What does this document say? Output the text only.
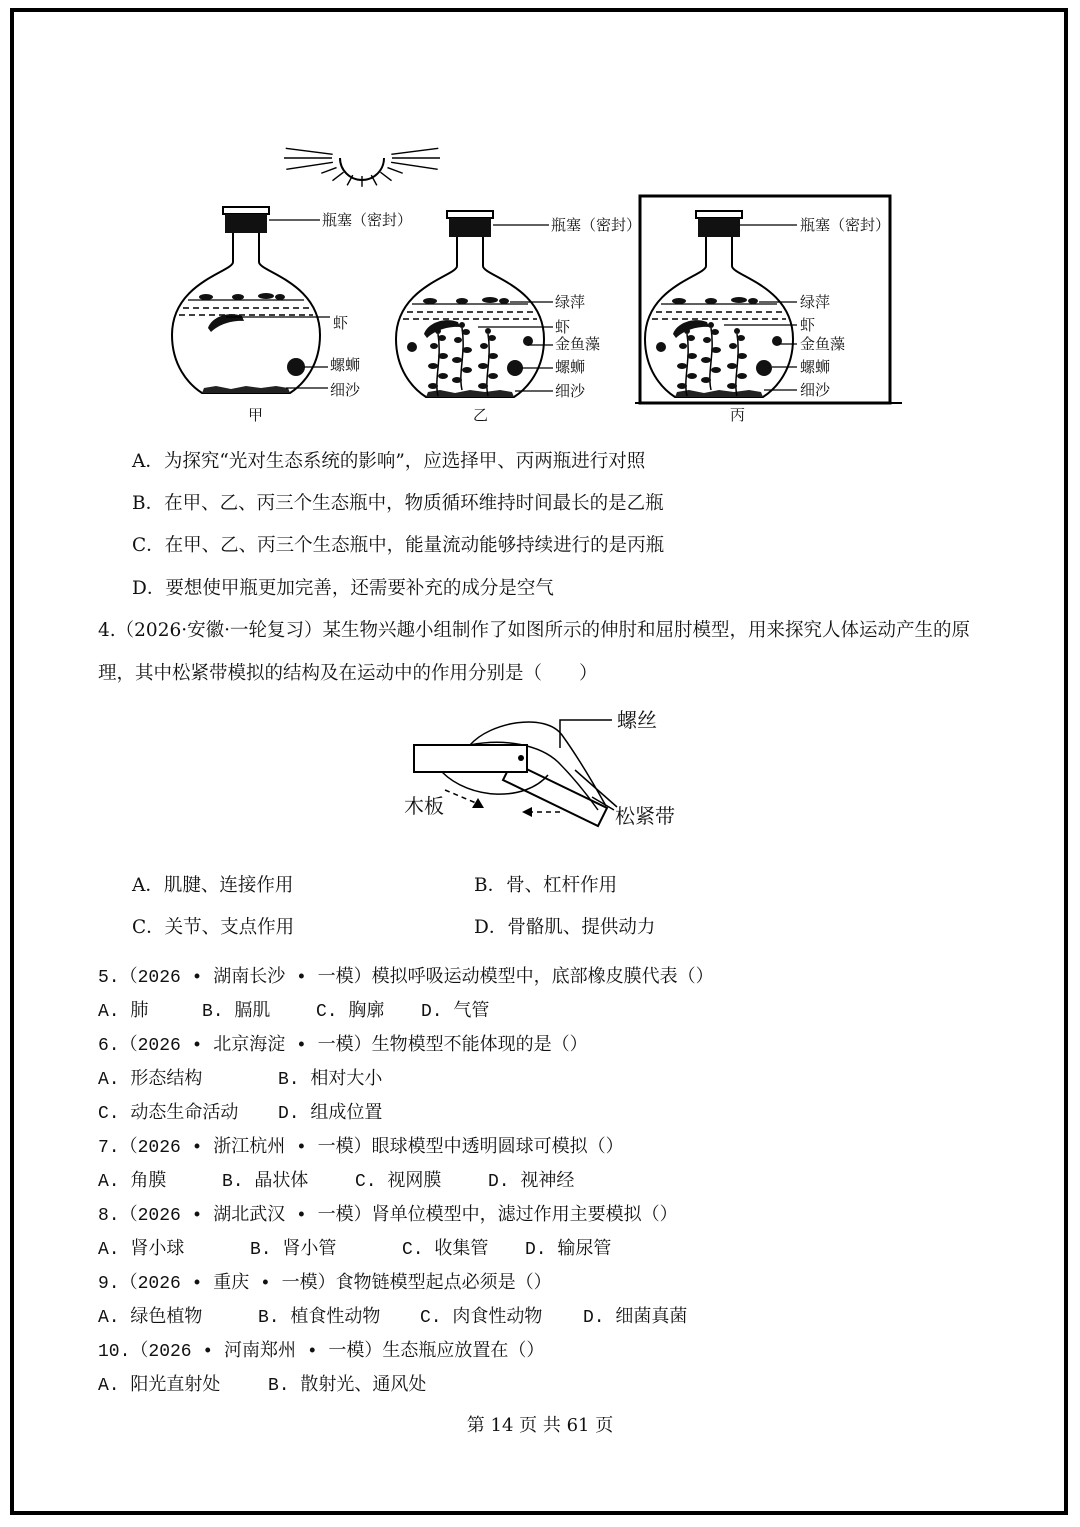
瓶塞（密封）
虾
螺蛳
细沙
甲
瓶塞（密封）
绿萍
虾
金鱼藻
螺蛳
细沙
乙
瓶塞（密封）
绿萍
虾
金鱼藻
螺蛳
细沙
丙
A．为探究“光对生态系统的影响”，应选择甲、丙两瓶进行对照
B．在甲、乙、丙三个生态瓶中，物质循环维持时间最长的是乙瓶
C．在甲、乙、丙三个生态瓶中，能量流动能够持续进行的是丙瓶
D．要想使甲瓶更加完善，还需要补充的成分是空气
4.（2026·安徽·一轮复习）某生物兴趣小组制作了如图所示的伸肘和屈肘模型，用来探究人体运动产生的原
理，其中松紧带模拟的结构及在运动中的作用分别是（　　）
螺丝
木板	松紧带
A．肌腱、连接作用	B．骨、杠杆作用
C．关节、支点作用	D．骨骼肌、提供动力
5.（2026 • 湖南长沙 • 一模）模拟呼吸运动模型中，底部橡皮膜代表（）
A. 肺	B. 膈肌	C. 胸廓 D. 气管
6.（2026 • 北京海淀 • 一模）生物模型不能体现的是（）
A. 形态结构	B. 相对大小
C. 动态生命活动 D. 组成位置
7.（2026 • 浙江杭州 • 一模）眼球模型中透明圆球可模拟（）
A. 角膜	B. 晶状体	C. 视网膜	D. 视神经
8.（2026 • 湖北武汉 • 一模）肾单位模型中，滤过作用主要模拟（）
A. 肾小球	B. 肾小管	C. 收集管 D. 输尿管
9.（2026 • 重庆 • 一模）食物链模型起点必须是（）
A. 绿色植物	B. 植食性动物 C. 肉食性动物 D. 细菌真菌
10.（2026 • 河南郑州 • 一模）生态瓶应放置在（）
A. 阳光直射处	B. 散射光、通风处
第 14 页 共 61 页
